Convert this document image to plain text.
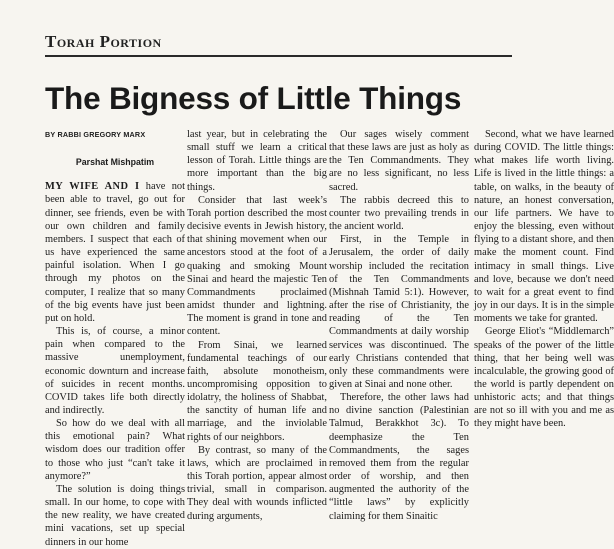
Torah Portion
The Bigness of Little Things
BY RABBI GREGORY MARX
Parshat Mishpatim

MY WIFE AND I have not been able to travel, go out for dinner, see friends, even be with our own children and family members. I suspect that each of us have experienced the same painful isolation. When I go through my photos on the computer, I realize that so many of the big events have just been put on hold.

This is, of course, a minor pain when compared to the massive unemployment, economic downturn and increase of suicides in recent months. COVID takes life both directly and indirectly.

So how do we deal with all this emotional pain? What wisdom does our tradition offer to those who just “can't take it anymore?”

The solution is doing things small. In our home, to cope with the new reality, we have created mini vacations, set up special dinners in our home

last year, but in celebrating the small stuff we learn a critical lesson of Torah. Little things are more important than the big things.

Consider that last week’s Torah portion described the most decisive events in Jewish history, that shining movement when our ancestors stood at the foot of a quaking and smoking Mount Sinai and heard the majestic Ten Commandments proclaimed amidst thunder and lightning. The moment is grand in tone and content.

From Sinai, we learned fundamental teachings of our faith, absolute monotheism, uncompromising opposition to idolatry, the holiness of Shabbat, the sanctity of human life and marriage, and the inviolable rights of our neighbors.

By contrast, so many of the laws, which are proclaimed in this Torah portion, appear almost trivial, small in comparison. They deal with wounds inflicted during arguments,

Our sages wisely comment that these laws are just as holy as the Ten Commandments. They are no less significant, no less sacred.

The rabbis decreed this to counter two prevailing trends in the ancient world.

First, in the Temple in Jerusalem, the order of daily worship included the recitation of the Ten Commandments (Mishnah Tamid 5:1). However, after the rise of Christianity, the reading of the Ten Commandments at daily worship services was discontinued. The early Christians contended that only these commandments were given at Sinai and none other.

Therefore, the other laws had no divine sanction (Palestinian Talmud, Berakkhot 3c). To deemphasize the Ten Commandments, the sages removed them from the regular order of worship, and then augmented the authority of the “little laws” by explicitly claiming for them Sinaitic

Second, what we have learned during COVID. The little things: what makes life worth living. Life is lived in the little things: a table, on walks, in the beauty of nature, an honest conversation, our life partners. We have to enjoy the blessing, even without flying to a distant shore, and then make the moment count. Find intimacy in small things. Live and love, because we don't need to wait for a great event to find joy in our days. It is in the simple moments we take for granted.

George Eliot's “Middlemarch” speaks of the power of the little thing, that her being well was incalculable, the growing good of the world is partly dependent on unhistoric acts; and that things are not so ill with you and me as they might have been.
